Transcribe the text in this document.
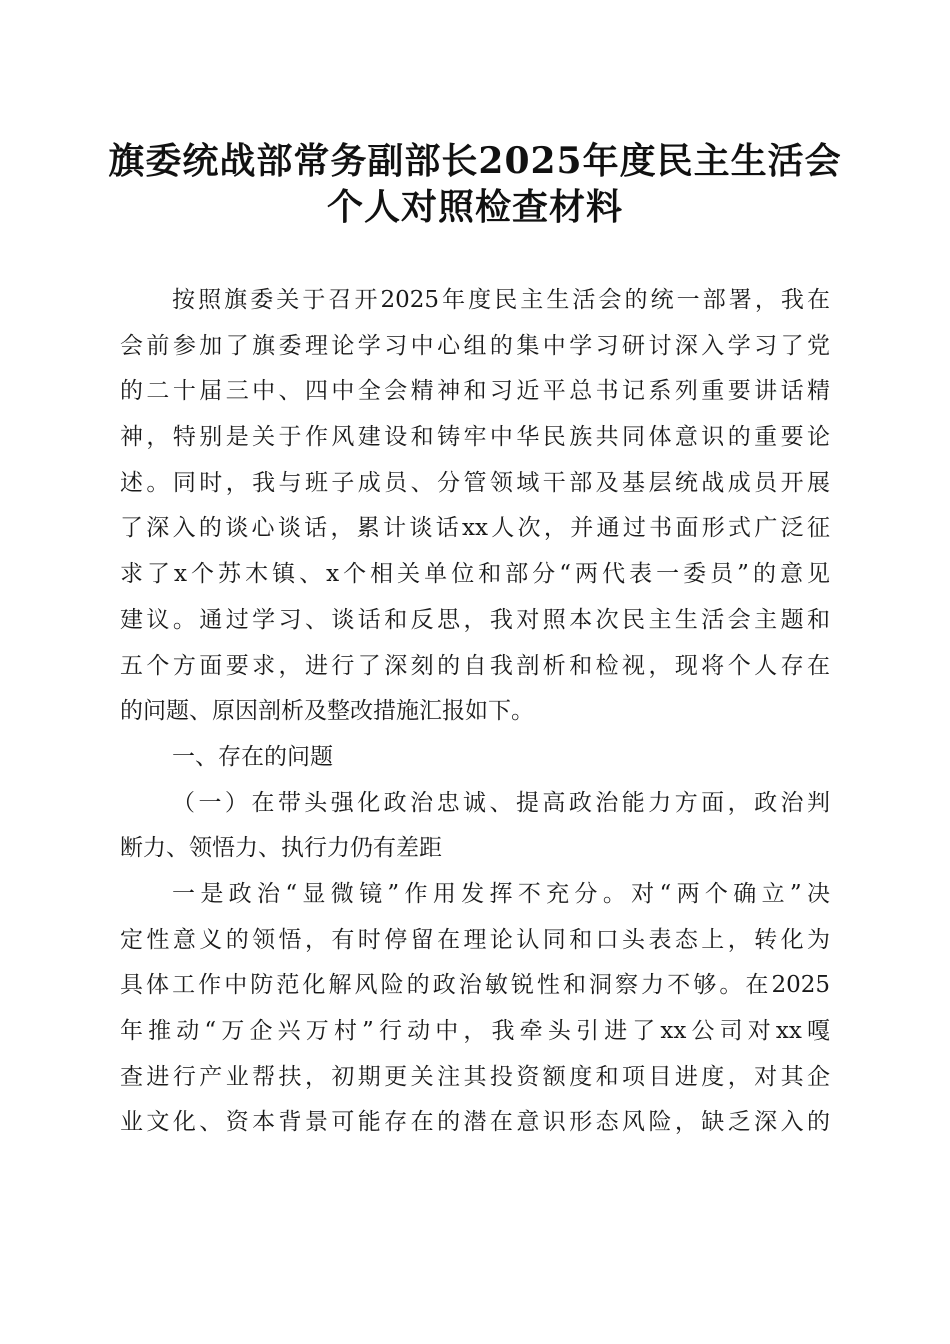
旗委统战部常务副部长2025年度民主生活会
个人对照检查材料
按照旗委关于召开2025年度民主生活会的统一部署，我在
会前参加了旗委理论学习中心组的集中学习研讨深入学习了党
的二十届三中、四中全会精神和习近平总书记系列重要讲话精
神，特别是关于作风建设和铸牢中华民族共同体意识的重要论
述。同时，我与班子成员、分管领域干部及基层统战成员开展
了深入的谈心谈话，累计谈话xx人次，并通过书面形式广泛征
求了x个苏木镇、x个相关单位和部分“两代表一委员”的意见
建议。通过学习、谈话和反思，我对照本次民主生活会主题和
五个方面要求，进行了深刻的自我剖析和检视，现将个人存在
的问题、原因剖析及整改措施汇报如下。
一、存在的问题
（一）在带头强化政治忠诚、提高政治能力方面，政治判
断力、领悟力、执行力仍有差距
一是政治“显微镜”作用发挥不充分。对“两个确立”决
定性意义的领悟，有时停留在理论认同和口头表态上，转化为
具体工作中防范化解风险的政治敏锐性和洞察力不够。在2025
年推动“万企兴万村”行动中，我牵头引进了xx公司对xx嘎
查进行产业帮扶，初期更关注其投资额度和项目进度，对其企
业文化、资本背景可能存在的潜在意识形态风险，缺乏深入的
